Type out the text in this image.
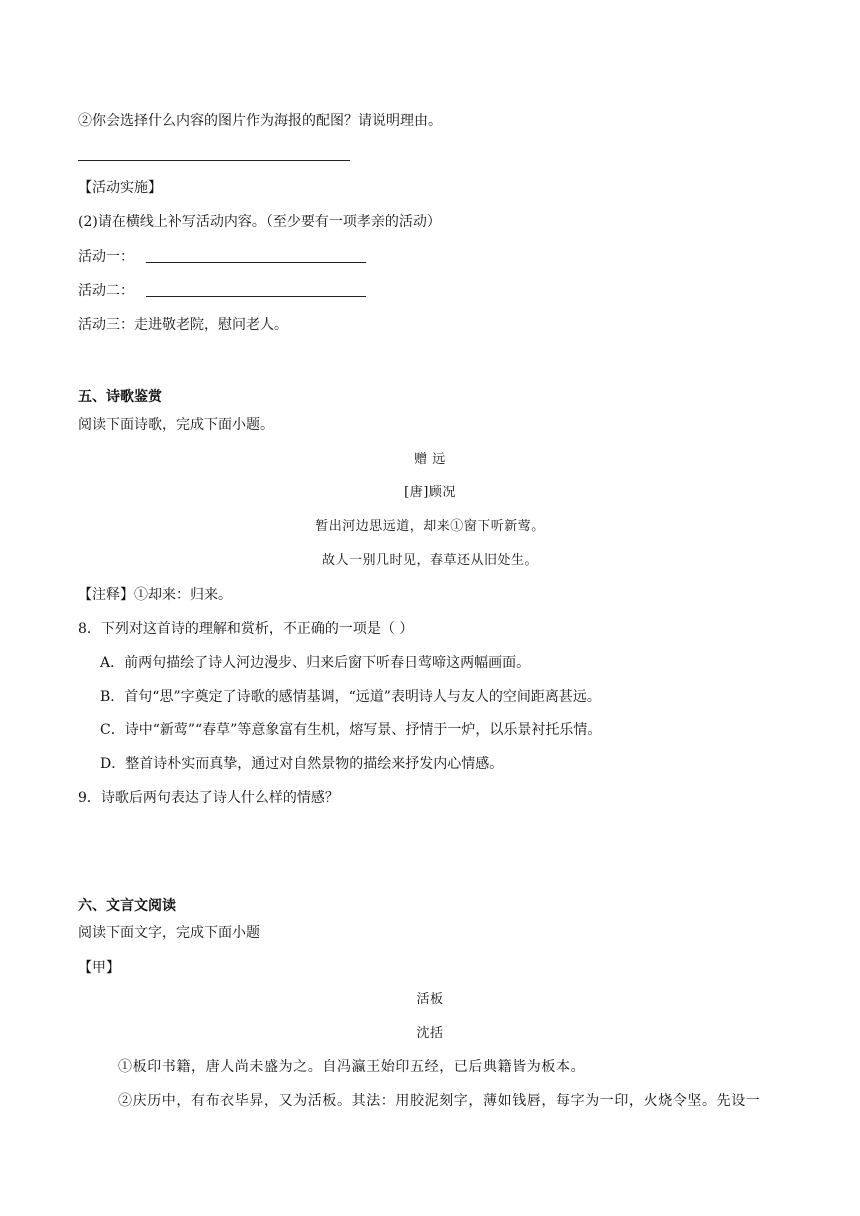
②你会选择什么内容的图片作为海报的配图？请说明理由。
【活动实施】
(2)请在横线上补写活动内容。（至少要有一项孝亲的活动）
活动一：
活动二：
活动三：走进敬老院，慰问老人。
五、诗歌鉴赏
阅读下面诗歌，完成下面小题。
赠 远
[唐]顾况
暂出河边思远道，却来①窗下听新莺。
故人一别几时见，春草还从旧处生。
【注释】①却来：归来。
8．下列对这首诗的理解和赏析，不正确的一项是（ ）
A．前两句描绘了诗人河边漫步、归来后窗下听春日莺啼这两幅画面。
B．首句“思”字奠定了诗歌的感情基调，“远道”表明诗人与友人的空间距离甚远。
C．诗中“新莺”“春草”等意象富有生机，熔写景、抒情于一炉，以乐景衬托乐情。
D．整首诗朴实而真挚，通过对自然景物的描绘来抒发内心情感。
9．诗歌后两句表达了诗人什么样的情感？
六、文言文阅读
阅读下面文字，完成下面小题
【甲】
活板
沈括
①板印书籍，唐人尚未盛为之。自冯瀛王始印五经，已后典籍皆为板本。
②庆历中，有布衣毕昇，又为活板。其法：用胶泥刻字，薄如钱唇，每字为一印，火烧令坚。先设一
